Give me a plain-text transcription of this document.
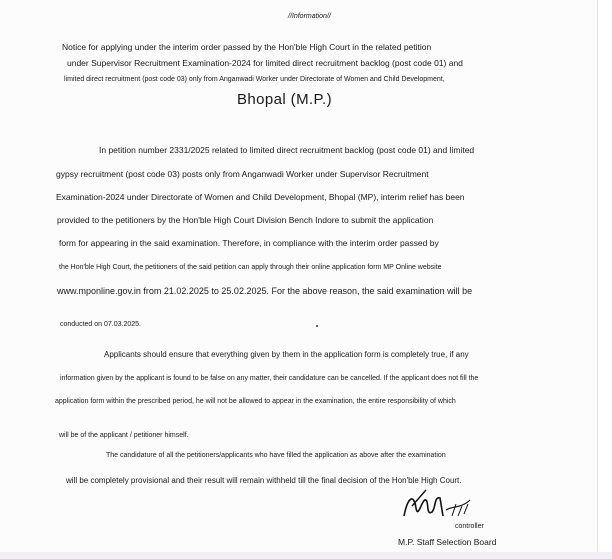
//Information//
Notice for applying under the interim order passed by the Hon'ble High Court in the related petition
under Supervisor Recruitment Examination-2024 for limited direct recruitment backlog (post code 01) and
limited direct recruitment (post code 03) only from Anganwadi Worker under Directorate of Women and Child Development,
Bhopal (M.P.)
In petition number 2331/2025 related to limited direct recruitment backlog (post code 01) and limited
gypsy recruitment (post code 03) posts only from Anganwadi Worker under Supervisor Recruitment
Examination-2024 under Directorate of Women and Child Development, Bhopal (MP), interim relief has been
provided to the petitioners by the Hon'ble High Court Division Bench Indore to submit the application
form for appearing in the said examination. Therefore, in compliance with the interim order passed by
the Hon'ble High Court, the petitioners of the said petition can apply through their online application form MP Online website
www.mponline.gov.in from 21.02.2025 to 25.02.2025. For the above reason, the said examination will be
conducted on 07.03.2025.
Applicants should ensure that everything given by them in the application form is completely true, if any
information given by the applicant is found to be false on any matter, their candidature can be cancelled. If the applicant does not fill the
application form within the prescribed period, he will not be allowed to appear in the examination, the entire responsibility of which
will be of the applicant / petitioner himself.
The candidature of all the petitioners/applicants who have filled the application as above after the examination
will be completely provisional and their result will remain withheld till the final decision of the Hon'ble High Court.
controller
M.P. Staff Selection Board
